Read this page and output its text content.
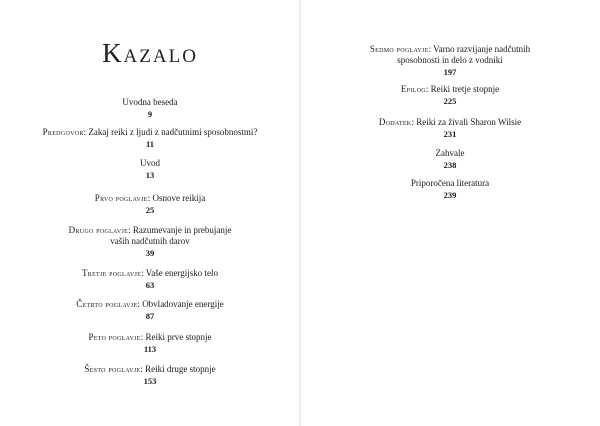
Kazalo
Uvodna beseda
9
Predgovor: Zakaj reiki z ljudi z nadčutnimi sposobnostmi?
11
Uvod
13
Prvo poglavje: Osnove reikija
25
Drugo poglavje: Razumevanje in prebujanje
vaših nadčutnih darov
39
Tretje poglavje: Vaše energijsko telo
63
Četrto poglavje: Obvladovanje energije
87
Peto poglavje: Reiki prve stopnje
113
Šesto poglavje: Reiki druge stopnje
153
Sedmo poglavje: Varno razvijanje nadčutnih
sposobnosti in delo z vodniki
197
Epilog: Reiki tretje stopnje
225
Dodatek: Reiki za živali Sharon Wilsie
231
Zahvale
238
Priporočena literatura
239
